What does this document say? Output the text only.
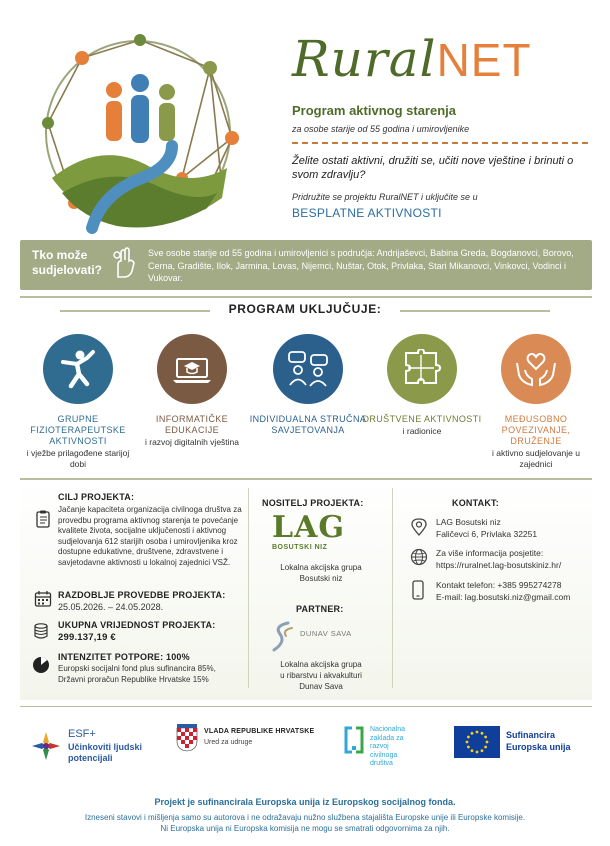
RuralNET
Program aktivnog starenja
za osobe starije od 55 godina i umirovljenike
Želite ostati aktivni, družiti se, učiti nove vještine i brinuti o svom zdravlju?
Pridružite se projektu RuralNET i uključite se u
BESPLATNE AKTIVNOSTI
Tko može
sudjelovati?
Sve osobe starije od 55 godina i umirovljenici s područja: Andrijaševci, Babina Greda, Bogdanovci, Borovo, Cerna, Gradište, Ilok, Jarmina, Lovas, Nijemci, Nuštar, Otok, Privlaka, Stari Mikanovci, Vinkovci, Vodinci i Vukovar.
PROGRAM UKLJUČUJE:
GRUPNE FIZIOTERAPEUTSKE AKTIVNOSTI
i vježbe prilagođene starijoj dobi
INFORMATIČKE EDUKACIJE
i razvoj digitalnih vještina
INDIVIDUALNA STRUČNA SAVJETOVANJA
DRUŠTVENE AKTIVNOSTI
i radionice
MEĐUSOBNO POVEZIVANJE, DRUŽENJE
i aktivno sudjelovanje u zajednici
CILJ PROJEKTA:
Jačanje kapaciteta organizacija civilnoga društva za provedbu programa aktivnog starenja te povećanje kvalitete života, socijalne uključenosti i aktivnog sudjelovanja 612 starijih osoba i umirovljenika kroz dostupne edukativne, društvene, zdravstvene i savjetodavne aktivnosti u lokalnoj zajednici VSŽ.
RAZDOBLJE PROVEDBE PROJEKTA:
25.05.2026. – 24.05.2028.
UKUPNA VRIJEDNOST PROJEKTA:
299.137,19 €
INTENZITET POTPORE: 100%
Europski socijalni fond plus sufinancira 85%,
Državni proračun Republike Hrvatske 15%
NOSITELJ PROJEKTA:
LAG
BOSUTSKI NIZ
Lokalna akcijska grupa
Bosutski niz
PARTNER:
DUNAV SAVA
Lokalna akcijska grupa
u ribarstvu i akvakulturi
Dunav Sava
KONTAKT:
LAG Bosutski niz
Faličevci 6, Privlaka 32251
Za više informacija posjetite:
https://ruralnet.lag-bosutskiniz.hr/
Kontakt telefon: +385 995274278
E-mail: lag.bosutski.niz@gmail.com
ESF+
Učinkoviti ljudski
potencijali
VLADA REPUBLIKE HRVATSKE
Ured za udruge
Nacionalna
zaklada za
razvoj
civilnoga
društva
Sufinancira
Europska unija
Projekt je sufinancirala Europska unija iz Europskog socijalnog fonda.
Izneseni stavovi i mišljenja samo su autorova i ne odražavaju nužno službena stajališta Europske unije ili Europske komisije.
Ni Europska unija ni Europska komisija ne mogu se smatrati odgovornima za njih.
